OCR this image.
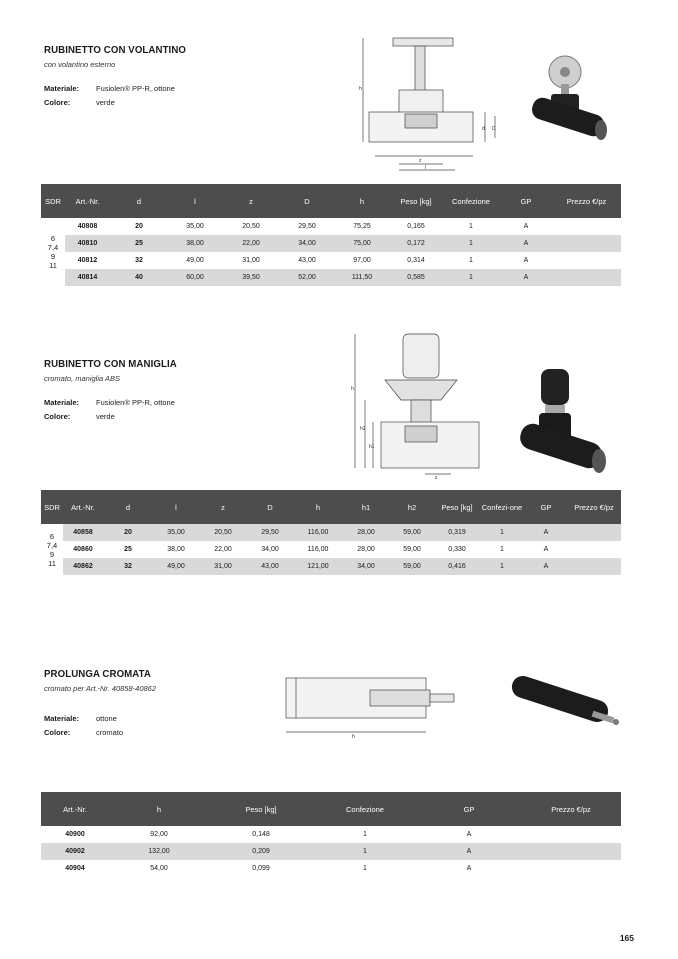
RUBINETTO CON VOLANTINO
con volantino esterno
Materiale: Fusiolen® PP-R, ottone
Colore:	verde
h
d D
z
l
SDR	Art.-Nr.	d	l	z	D	h	Peso [kg]	Confezione	GP	Prezzo €/pz

6
7,4
9
11	40808	20	35,00	20,50	29,50	75,25	0,165	1	A	
	40810	25	38,00	22,00	34,00	75,00	0,172	1	A	
	40812	32	49,00	31,00	43,00	97,00	0,314	1	A	
	40814	40	60,00	39,50	52,00	111,50	0,585	1	A	
RUBINETTO CON MANIGLIA
cromato, maniglia ABS
Materiale: Fusiolen® PP-R, ottone
Colore:	verde
h
h2
h1
z
SDR	Art.-Nr.	d	l	z	D	h	h1	h2	Peso [kg]	Confezi-one	GP	Prezzo €/pz

6
7,4
9
11	40858	20	35,00	20,50	29,50	116,00	28,00	59,00	0,319	1	A	
	40860	25	38,00	22,00	34,00	116,00	28,00	59,00	0,330	1	A	
	40862	32	49,00	31,00	43,00	121,00	34,00	59,00	0,416	1	A	
PROLUNGA CROMATA
cromato per Art.-Nr. 40858-40862
Materiale: ottone
Colore:	cromato	h
Art.-Nr.	h	Peso [kg]	Confezione	GP	Prezzo €/pz
40900	92,00	0,148	1	A	
40902	132,00	0,209	1	A	
40904	54,00	0,099	1	A	
165
